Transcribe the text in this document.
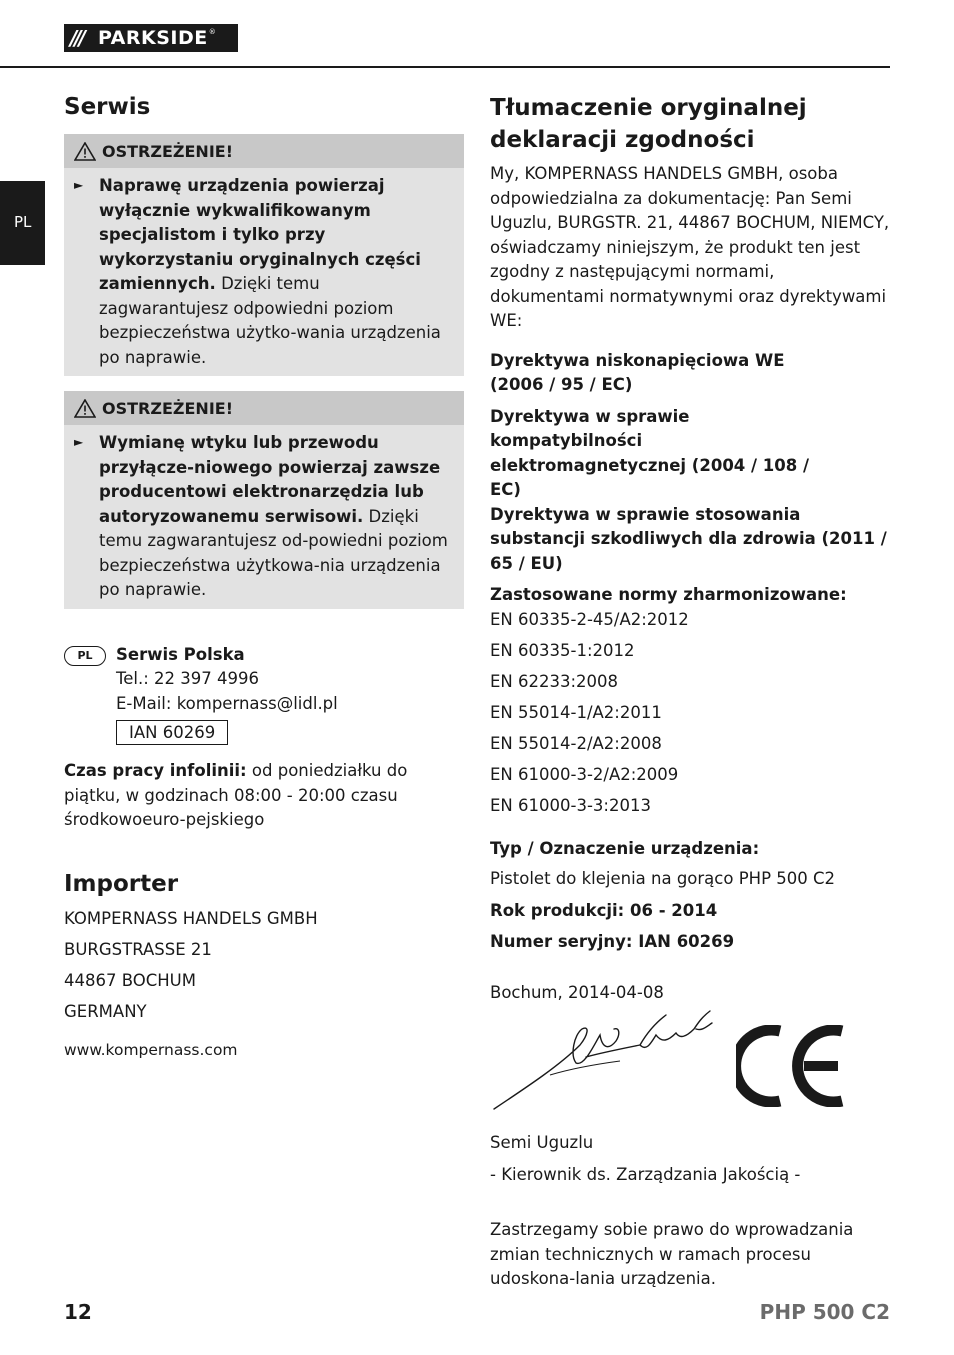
/// PARKSIDE ®
PL
Serwis
OSTRZEŻENIE!
► Naprawę urządzenia powierzaj wyłącznie wykwalifikowanym specjalistom i tylko przy wykorzystaniu oryginalnych części zamiennych. Dzięki temu zagwarantujesz odpowiedni poziom bezpieczeństwa użytko-wania urządzenia po naprawie.
OSTRZEŻENIE!
► Wymianę wtyku lub przewodu przyłącze-niowego powierzaj zawsze producentowi elektronarzędzia lub autoryzowanemu serwisowi. Dzięki temu zagwarantujesz od-powiedni poziom bezpieczeństwa użytkowa-nia urządzenia po naprawie.
PL	Serwis Polska
Tel.: 22 397 4996
E-Mail: kompernass@lidl.pl
IAN 60269
Czas pracy infolinii: od poniedziałku do piątku, w godzinach 08:00 - 20:00 czasu środkowoeuro-pejskiego
Importer
KOMPERNASS HANDELS GMBH
BURGSTRASSE 21
44867 BOCHUM
GERMANY
www.kompernass.com
Tłumaczenie oryginalnej deklaracji zgodności
My, KOMPERNASS HANDELS GMBH, osoba odpowiedzialna za dokumentację: Pan Semi Uguzlu, BURGSTR. 21, 44867 BOCHUM, NIEMCY, oświadczamy niniejszym, że produkt ten jest zgodny z następującymi normami, dokumentami normatywnymi oraz dyrektywami WE:
Dyrektywa niskonapięciowa WE (2006 / 95 / EC)
Dyrektywa w sprawie kompatybilności elektromagnetycznej (2004 / 108 / EC)
Dyrektywa w sprawie stosowania substancji szkodliwych dla zdrowia (2011 / 65 / EU)
Zastosowane normy zharmonizowane:
EN 60335-2-45/A2:2012
EN 60335-1:2012
EN 62233:2008
EN 55014-1/A2:2011
EN 55014-2/A2:2008
EN 61000-3-2/A2:2009
EN 61000-3-3:2013
Typ / Oznaczenie urządzenia:
Pistolet do klejenia na gorąco PHP 500 C2
Rok produkcji: 06 - 2014
Numer seryjny: IAN 60269
Bochum, 2014-04-08
Semi Uguzlu
- Kierownik ds. Zarządzania Jakością -
Zastrzegamy sobie prawo do wprowadzania zmian technicznych w ramach procesu udoskona-lania urządzenia.
12	PHP 500 C2
